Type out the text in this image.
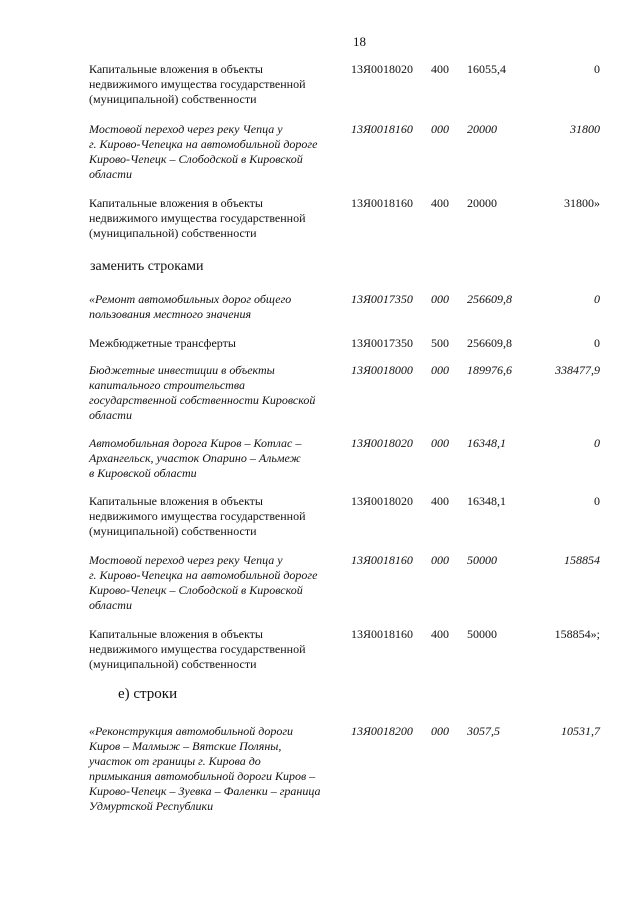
18
Капитальные вложения в объекты
недвижимого имущества государственной
(муниципальной) собственности
13Я0018020	400	16055,4	0
Мостовой переход через реку Чепца у
г. Кирово-Чепецка на автомобильной дороге
Кирово-Чепецк – Слободской в Кировской
области
13Я0018160	000	20000	31800
Капитальные вложения в объекты
недвижимого имущества государственной
(муниципальной) собственности
13Я0018160	400	20000	31800»
заменить строками
«Ремонт автомобильных дорог общего
пользования местного значения
13Я0017350	000	256609,8	0
Межбюджетные трансферты	13Я0017350	500	256609,8	0
Бюджетные инвестиции в объекты
капитального строительства
государственной собственности Кировской
области
13Я0018000	000	189976,6	338477,9
Автомобильная дорога Киров – Котлас –
Архангельск, участок Опарино – Альмеж
в Кировской области
13Я0018020	000	16348,1	0
Капитальные вложения в объекты
недвижимого имущества государственной
(муниципальной) собственности
13Я0018020	400	16348,1	0
Мостовой переход через реку Чепца у
г. Кирово-Чепецка на автомобильной дороге
Кирово-Чепецк – Слободской в Кировской
области
13Я0018160	000	50000	158854
Капитальные вложения в объекты
недвижимого имущества государственной
(муниципальной) собственности
13Я0018160	400	50000	158854»;
е) строки
«Реконструкция автомобильной дороги
Киров – Малмыж – Вятские Поляны,
участок от границы г. Кирова до
примыкания автомобильной дороги Киров –
Кирово-Чепецк – Зуевка – Фаленки – граница
Удмуртской Республики
13Я0018200	000	3057,5	10531,7
